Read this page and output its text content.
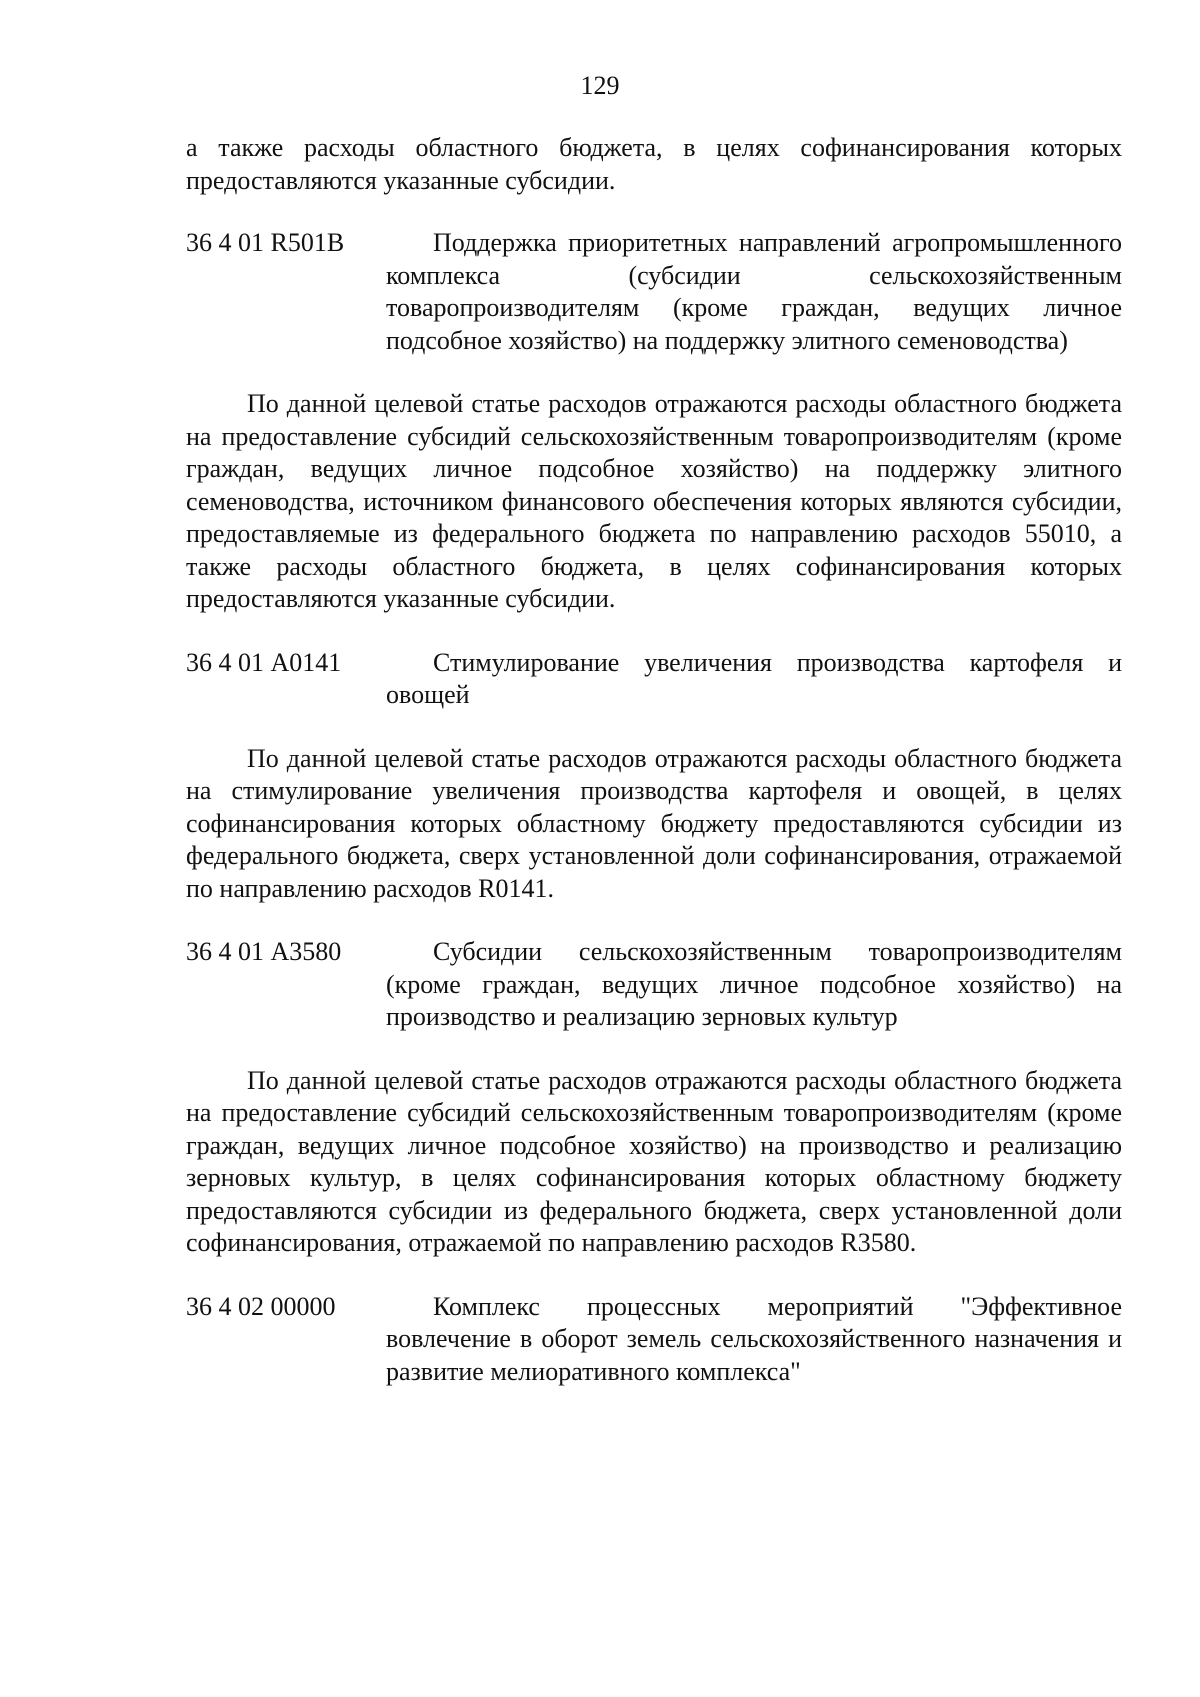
129

а также расходы областного бюджета, в целях софинансирования которых предоставляются указанные субсидии.

36 4 01 R501В	Поддержка приоритетных направлений агропромышленного комплекса (субсидии сельскохозяйственным товаропроизводителям (кроме граждан, ведущих личное подсобное хозяйство) на поддержку элитного семеноводства)

По данной целевой статье расходов отражаются расходы областного бюджета на предоставление субсидий сельскохозяйственным товаропроизводителям (кроме граждан, ведущих личное подсобное хозяйство) на поддержку элитного семеноводства, источником финансового обеспечения которых являются субсидии, предоставляемые из федерального бюджета по направлению расходов 55010, а также расходы областного бюджета, в целях софинансирования которых предоставляются указанные субсидии.

36 4 01 А0141	Стимулирование увеличения производства картофеля и овощей

По данной целевой статье расходов отражаются расходы областного бюджета на стимулирование увеличения производства картофеля и овощей, в целях софинансирования которых областному бюджету предоставляются субсидии из федерального бюджета, сверх установленной доли софинансирования, отражаемой по направлению расходов R0141.

36 4 01 А3580	Субсидии сельскохозяйственным товаропроизводителям (кроме граждан, ведущих личное подсобное хозяйство) на производство и реализацию зерновых культур

По данной целевой статье расходов отражаются расходы областного бюджета на предоставление субсидий сельскохозяйственным товаропроизводителям (кроме граждан, ведущих личное подсобное хозяйство) на производство и реализацию зерновых культур, в целях софинансирования которых областному бюджету предоставляются субсидии из федерального бюджета, сверх установленной доли софинансирования, отражаемой по направлению расходов R3580.

36 4 02 00000	Комплекс процессных мероприятий "Эффективное вовлечение в оборот земель сельскохозяйственного назначения и развитие мелиоративного комплекса"
